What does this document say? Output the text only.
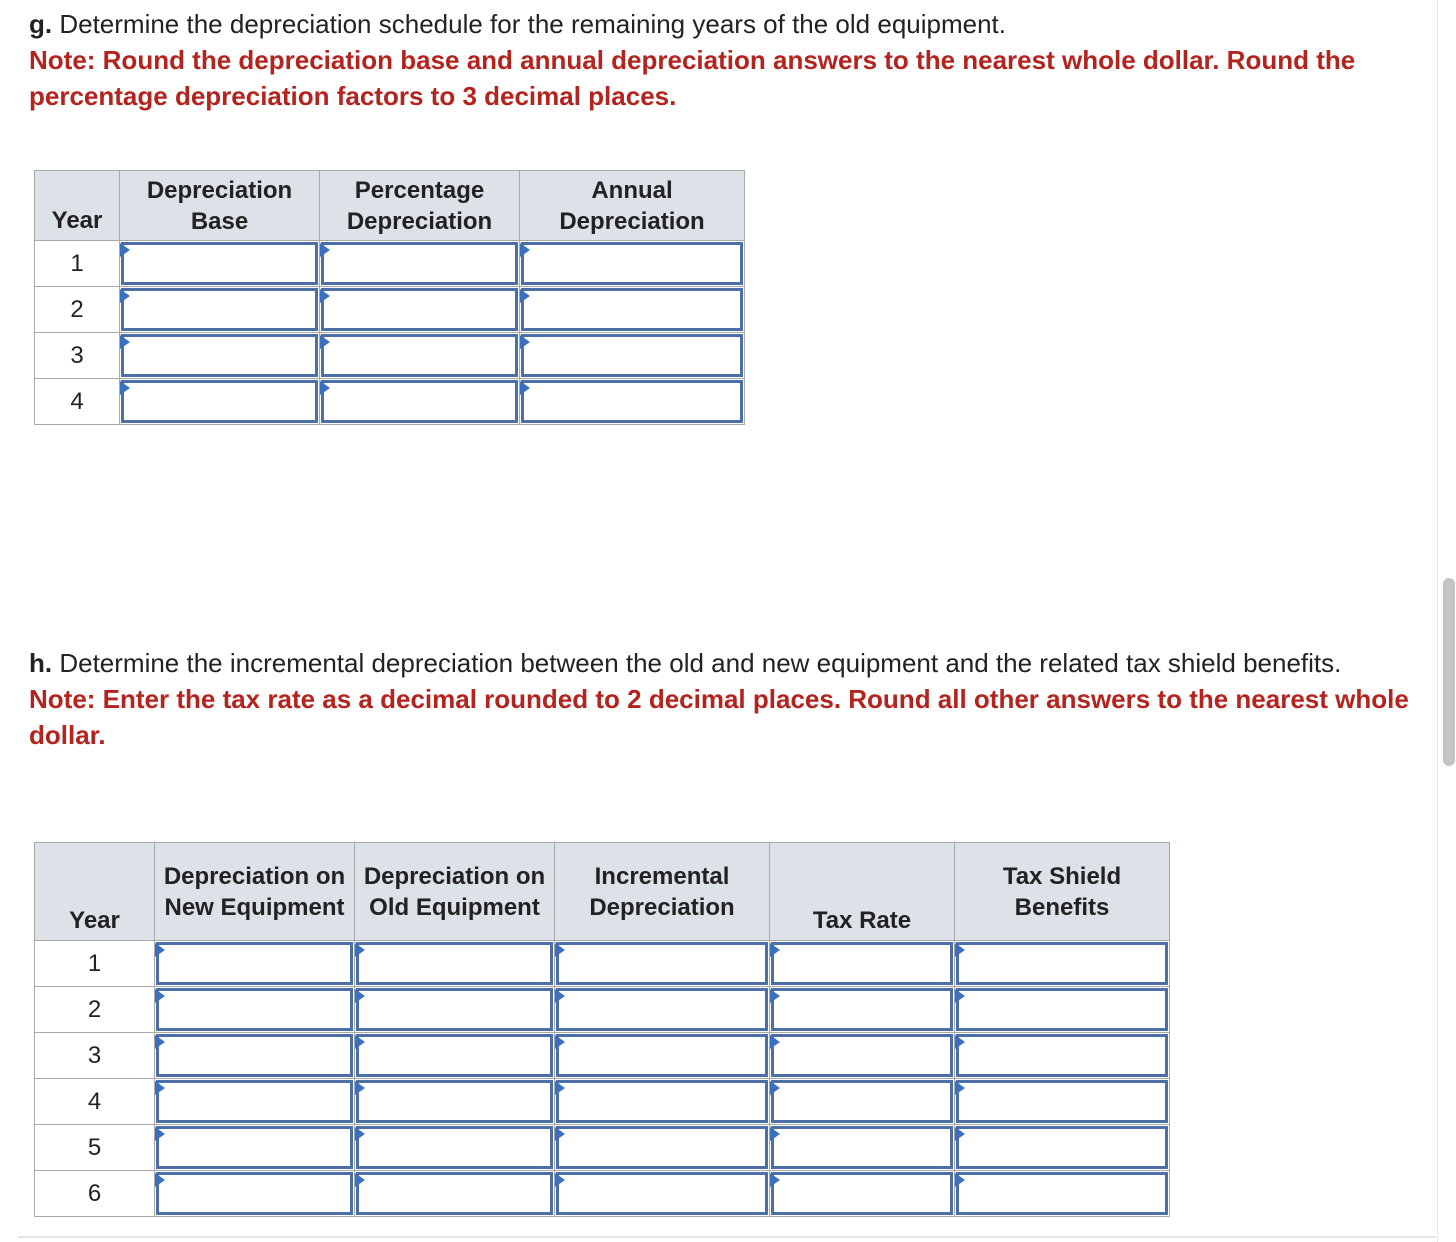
g. Determine the depreciation schedule for the remaining years of the old equipment.
Note: Round the depreciation base and annual depreciation answers to the nearest whole dollar. Round the percentage depreciation factors to 3 decimal places.
Year	Depreciation Base	Percentage Depreciation	Annual Depreciation
1	

2	

3	

4	

h. Determine the incremental depreciation between the old and new equipment and the related tax shield benefits.
Note: Enter the tax rate as a decimal rounded to 2 decimal places. Round all other answers to the nearest whole dollar.
Year	Depreciation on New Equipment	Depreciation on Old Equipment	Incremental Depreciation	Tax Rate	Tax Shield Benefits
1	

2	

3	

4	

5	

6	
